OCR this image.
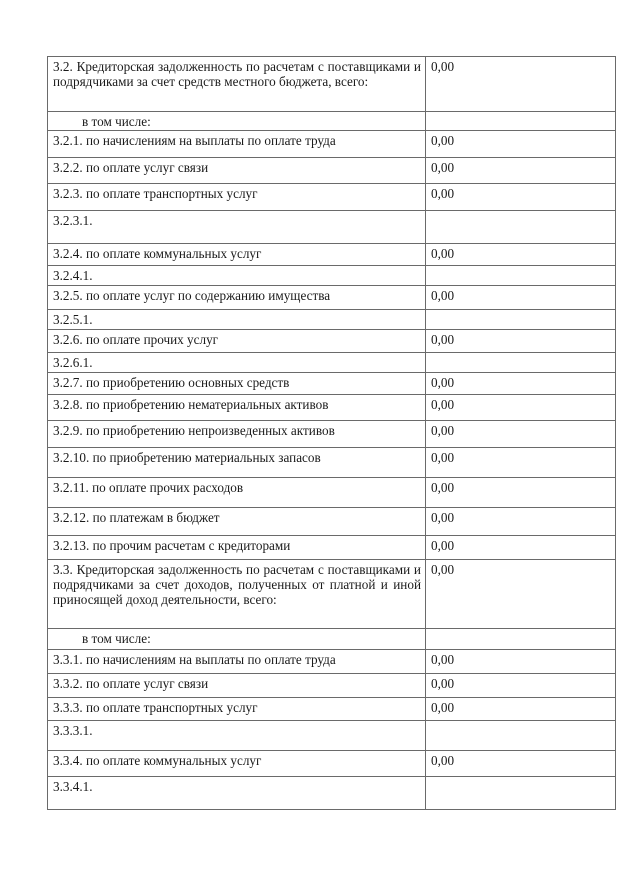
3.2. Кредиторская задолженность по расчетам с поставщиками и подрядчиками за счет средств местного бюджета, всего:	0,00
в том числе:	
3.2.1. по начислениям на выплаты по оплате труда	0,00
3.2.2. по оплате услуг связи	0,00
3.2.3. по оплате транспортных услуг	0,00
3.2.3.1.	
3.2.4. по оплате коммунальных услуг	0,00
3.2.4.1.	
3.2.5. по оплате услуг по содержанию имущества	0,00
3.2.5.1.	
3.2.6. по оплате прочих услуг	0,00
3.2.6.1.	
3.2.7. по приобретению основных средств	0,00
3.2.8. по приобретению нематериальных активов	0,00
3.2.9. по приобретению непроизведенных активов	0,00
3.2.10. по приобретению материальных запасов	0,00
3.2.11. по оплате прочих расходов	0,00
3.2.12. по платежам в бюджет	0,00
3.2.13. по прочим расчетам с кредиторами	0,00
3.3. Кредиторская задолженность по расчетам с поставщиками и подрядчиками за счет доходов, полученных от платной и иной приносящей доход деятельности, всего:	0,00
в том числе:	
3.3.1. по начислениям на выплаты по оплате труда	0,00
3.3.2. по оплате услуг связи	0,00
3.3.3. по оплате транспортных услуг	0,00
3.3.3.1.	
3.3.4. по оплате коммунальных услуг	0,00
3.3.4.1.	
